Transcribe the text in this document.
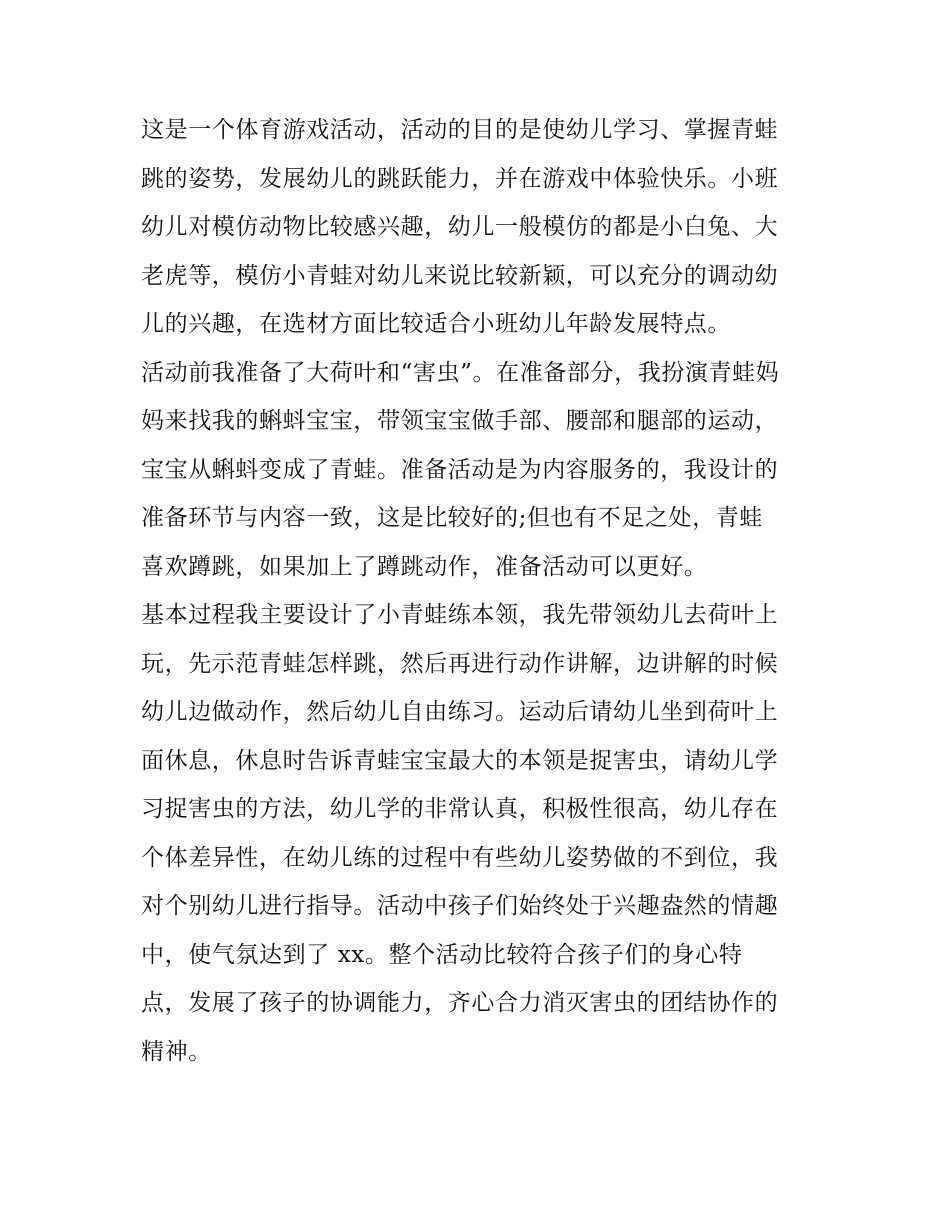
这是一个体育游戏活动，活动的目的是使幼儿学习、掌握青蛙
跳的姿势，发展幼儿的跳跃能力，并在游戏中体验快乐。小班
幼儿对模仿动物比较感兴趣，幼儿一般模仿的都是小白兔、大
老虎等，模仿小青蛙对幼儿来说比较新颖，可以充分的调动幼
儿的兴趣，在选材方面比较适合小班幼儿年龄发展特点。
活动前我准备了大荷叶和“害虫”。在准备部分，我扮演青蛙妈
妈来找我的蝌蚪宝宝，带领宝宝做手部、腰部和腿部的运动，
宝宝从蝌蚪变成了青蛙。准备活动是为内容服务的，我设计的
准备环节与内容一致，这是比较好的;但也有不足之处，青蛙
喜欢蹲跳，如果加上了蹲跳动作，准备活动可以更好。
基本过程我主要设计了小青蛙练本领，我先带领幼儿去荷叶上
玩，先示范青蛙怎样跳，然后再进行动作讲解，边讲解的时候
幼儿边做动作，然后幼儿自由练习。运动后请幼儿坐到荷叶上
面休息，休息时告诉青蛙宝宝最大的本领是捉害虫，请幼儿学
习捉害虫的方法，幼儿学的非常认真，积极性很高，幼儿存在
个体差异性，在幼儿练的过程中有些幼儿姿势做的不到位，我
对个别幼儿进行指导。活动中孩子们始终处于兴趣盎然的情趣
中，使气氛达到了 xx。整个活动比较符合孩子们的身心特
点，发展了孩子的协调能力，齐心合力消灭害虫的团结协作的
精神。
